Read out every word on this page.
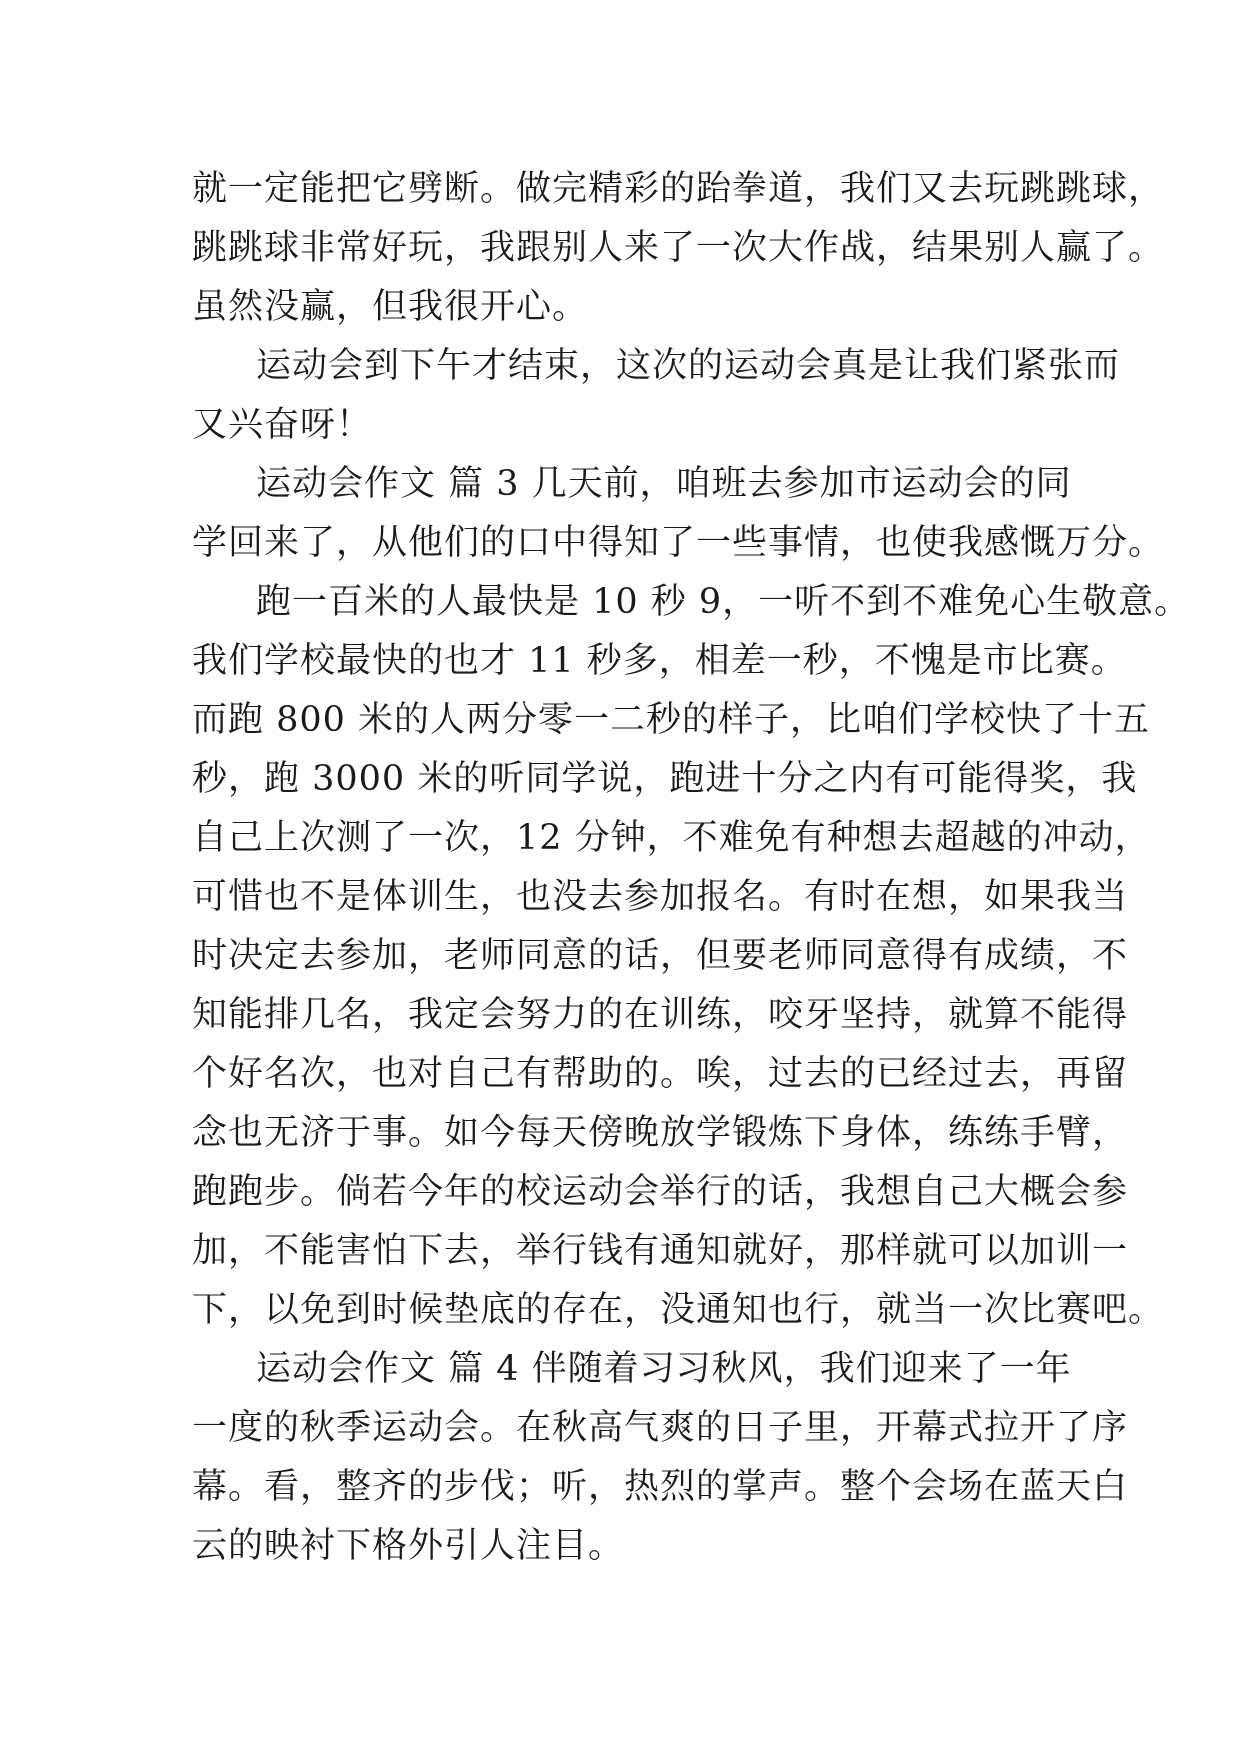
就一定能把它劈断。做完精彩的跆拳道，我们又去玩跳跳球，
跳跳球非常好玩，我跟别人来了一次大作战，结果别人赢了。
虽然没赢，但我很开心。
运动会到下午才结束，这次的运动会真是让我们紧张而
又兴奋呀！
运动会作文 篇 3 几天前，咱班去参加市运动会的同
学回来了，从他们的口中得知了一些事情，也使我感慨万分。
跑一百米的人最快是 10 秒 9，一听不到不难免心生敬意。
我们学校最快的也才 11 秒多，相差一秒，不愧是市比赛。
而跑 800 米的人两分零一二秒的样子，比咱们学校快了十五
秒，跑 3000 米的听同学说，跑进十分之内有可能得奖，我
自己上次测了一次，12 分钟，不难免有种想去超越的冲动，
可惜也不是体训生，也没去参加报名。有时在想，如果我当
时决定去参加，老师同意的话，但要老师同意得有成绩，不
知能排几名，我定会努力的在训练，咬牙坚持，就算不能得
个好名次，也对自己有帮助的。唉，过去的已经过去，再留
念也无济于事。如今每天傍晚放学锻炼下身体，练练手臂，
跑跑步。倘若今年的校运动会举行的话，我想自己大概会参
加，不能害怕下去，举行钱有通知就好，那样就可以加训一
下，以免到时候垫底的存在，没通知也行，就当一次比赛吧。
运动会作文 篇 4 伴随着习习秋风，我们迎来了一年
一度的秋季运动会。在秋高气爽的日子里，开幕式拉开了序
幕。看，整齐的步伐；听，热烈的掌声。整个会场在蓝天白
云的映衬下格外引人注目。
